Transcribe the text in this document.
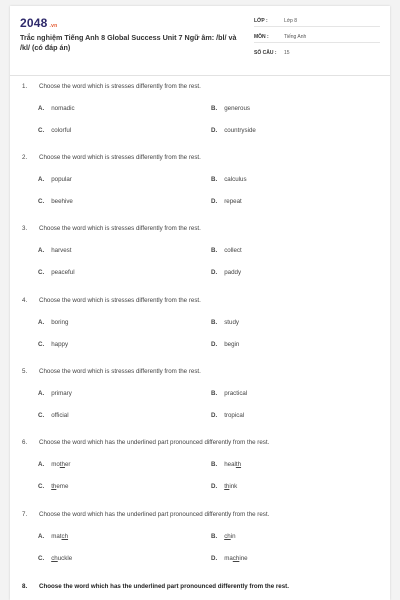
2048 .vn
Trắc nghiệm Tiếng Anh 8 Global Success Unit 7 Ngữ âm: /bl/ và /kl/ (có đáp án)
LỚP :	Lớp 8
MÔN :	Tiếng Anh
SỐ CÂU : 15
1. Choose the word which is stresses differently from the rest.
A. nomadic	B. generous
C. colorful	D. countryside
2. Choose the word which is stresses differently from the rest.
A. popular	B. calculus
C. beehive	D. repeat
3. Choose the word which is stresses differently from the rest.
A. harvest	B. collect
C. peaceful	D. paddy
4. Choose the word which is stresses differently from the rest.
A. boring	B. study
C. happy	D. begin
5. Choose the word which is stresses differently from the rest.
A. primary	B. practical
C. official	D. tropical
6. Choose the word which has the underlined part pronounced differently from the rest.
A. mother	B. health
C. theme	D. think
7. Choose the word which has the underlined part pronounced differently from the rest.
A. match	B. chin
C. chuckle	D. machine
8. Choose the word which has the underlined part pronounced differently from the rest.
